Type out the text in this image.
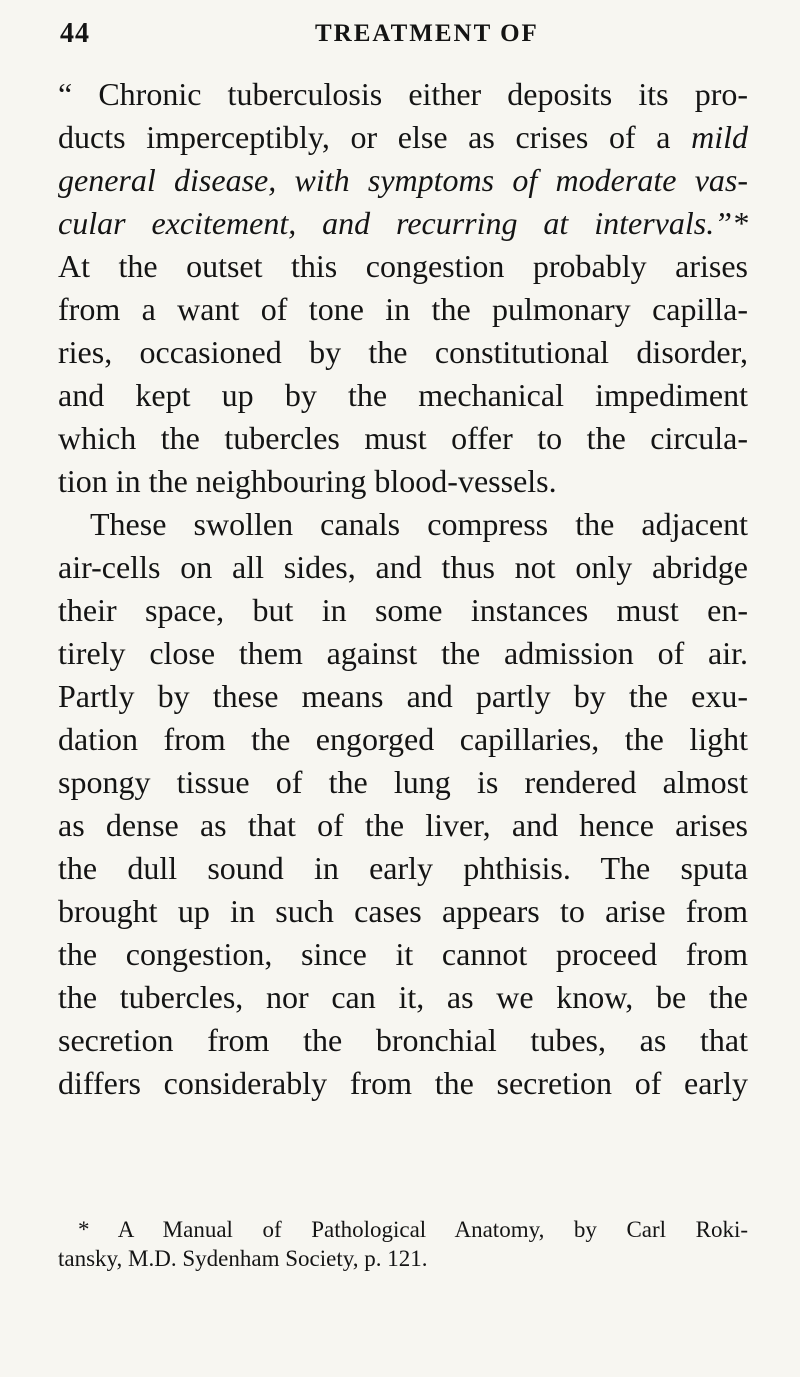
44	TREATMENT OF
“ Chronic tuberculosis either deposits its pro-
ducts imperceptibly, or else as crises of a mild
general disease, with symptoms of moderate vas-
cular excitement, and recurring at intervals.”*
At the outset this congestion probably arises
from a want of tone in the pulmonary capilla-
ries, occasioned by the constitutional disorder,
and kept up by the mechanical impediment
which the tubercles must offer to the circula-
tion in the neighbouring blood-vessels.
These swollen canals compress the adjacent
air-cells on all sides, and thus not only abridge
their space, but in some instances must en-
tirely close them against the admission of air.
Partly by these means and partly by the exu-
dation from the engorged capillaries, the light
spongy tissue of the lung is rendered almost
as dense as that of the liver, and hence arises
the dull sound in early phthisis. The sputa
brought up in such cases appears to arise from
the congestion, since it cannot proceed from
the tubercles, nor can it, as we know, be the
secretion from the bronchial tubes, as that
differs considerably from the secretion of early
* A Manual of Pathological Anatomy, by Carl Roki-
tansky, M.D. Sydenham Society, p. 121.
